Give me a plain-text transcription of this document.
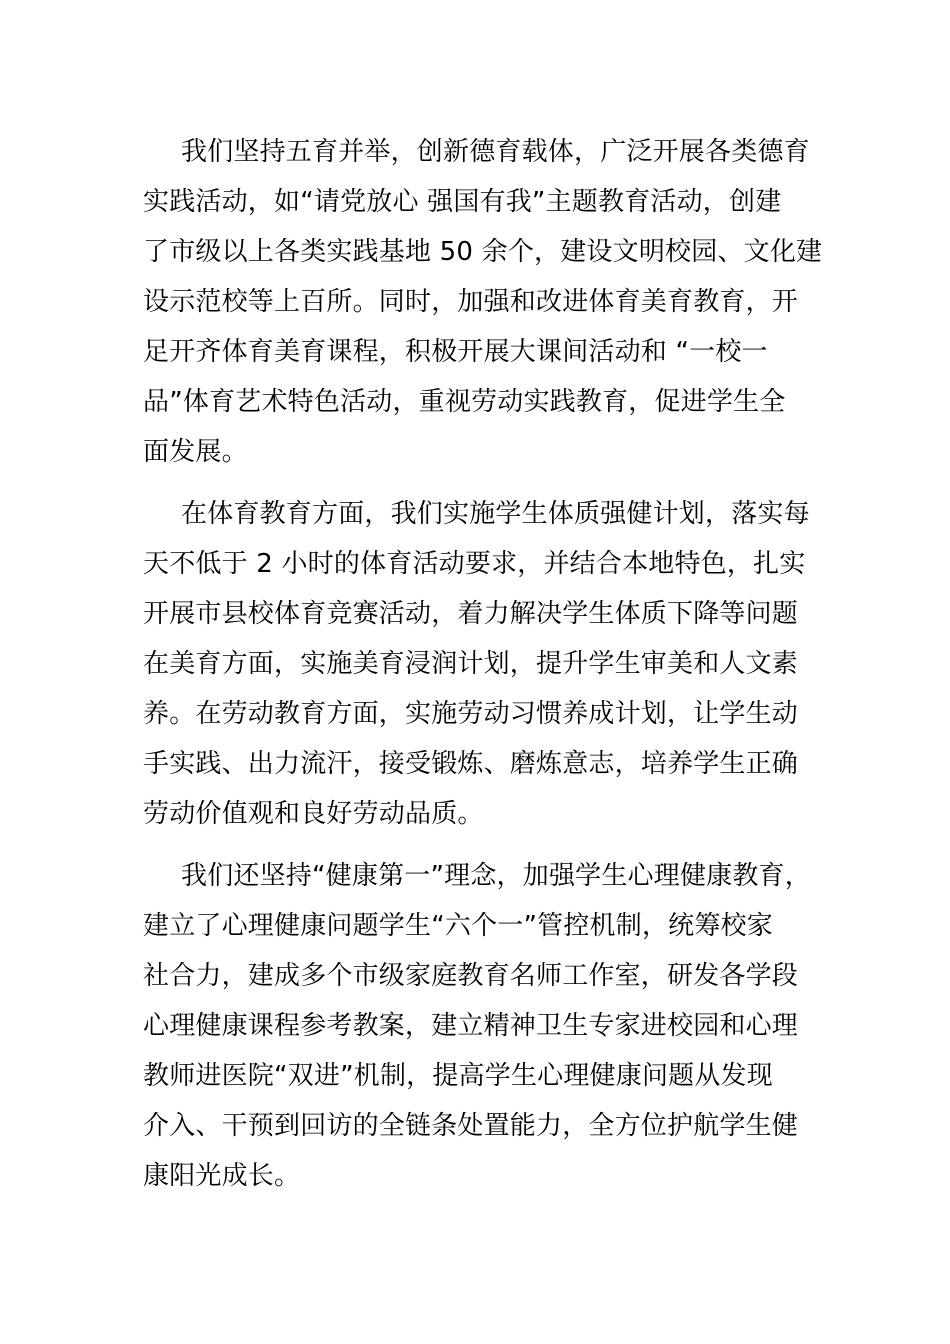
我们坚持五育并举，创新德育载体，广泛开展各类德育
实践活动，如“请党放心 强国有我”主题教育活动，创建
了市级以上各类实践基地 50 余个，建设文明校园、文化建
设示范校等上百所。同时，加强和改进体育美育教育，开
足开齐体育美育课程，积极开展大课间活动和 “一校一
品”体育艺术特色活动，重视劳动实践教育，促进学生全
面发展。
在体育教育方面，我们实施学生体质强健计划，落实每
天不低于 2 小时的体育活动要求，并结合本地特色，扎实
开展市县校体育竞赛活动，着力解决学生体质下降等问题
在美育方面，实施美育浸润计划，提升学生审美和人文素
养。在劳动教育方面，实施劳动习惯养成计划，让学生动
手实践、出力流汗，接受锻炼、磨炼意志，培养学生正确
劳动价值观和良好劳动品质。
我们还坚持“健康第一”理念，加强学生心理健康教育，
建立了心理健康问题学生“六个一”管控机制，统筹校家
社合力，建成多个市级家庭教育名师工作室，研发各学段
心理健康课程参考教案，建立精神卫生专家进校园和心理
教师进医院“双进”机制，提高学生心理健康问题从发现
介入、干预到回访的全链条处置能力，全方位护航学生健
康阳光成长。
